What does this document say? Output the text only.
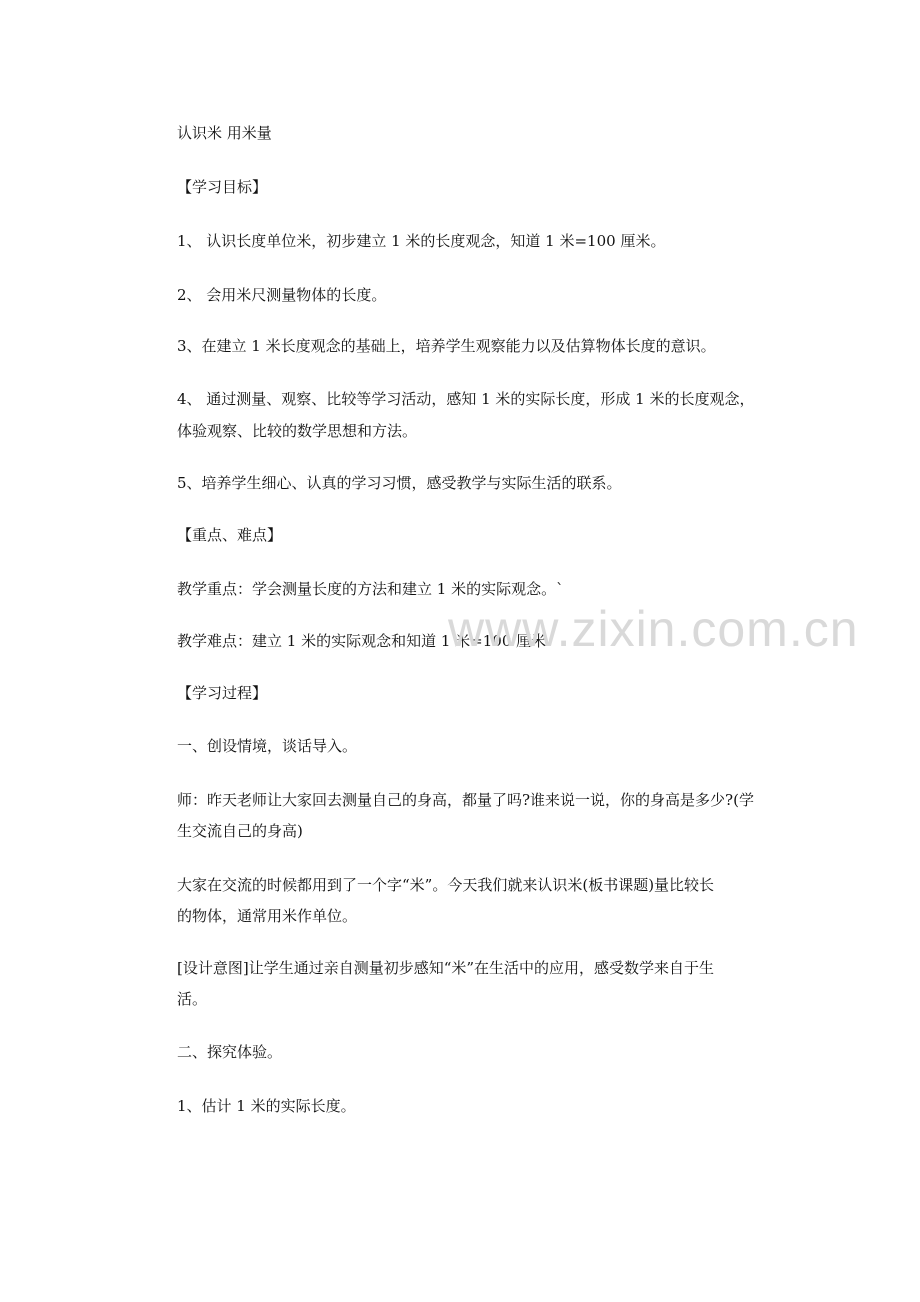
认识米 用米量
【学习目标】
1、 认识长度单位米，初步建立 1 米的长度观念，知道 1 米=100 厘米。
2、 会用米尺测量物体的长度。
3、在建立 1 米长度观念的基础上，培养学生观察能力以及估算物体长度的意识。
4、 通过测量、观察、比较等学习活动，感知 1 米的实际长度，形成 1 米的长度观念，
体验观察、比较的数学思想和方法。
5、培养学生细心、认真的学习习惯，感受教学与实际生活的联系。
【重点、难点】
教学重点：学会测量长度的方法和建立 1 米的实际观念。`
教学难点：建立 1 米的实际观念和知道 1 米=100 厘米
【学习过程】
一、创设情境，谈话导入。
师：昨天老师让大家回去测量自己的身高，都量了吗?谁来说一说，你的身高是多少?(学
生交流自己的身高)
大家在交流的时候都用到了一个字“米”。今天我们就来认识米(板书课题)量比较长
的物体，通常用米作单位。
[设计意图]让学生通过亲自测量初步感知“米”在生活中的应用，感受数学来自于生
活。
二、探究体验。
1、估计 1 米的实际长度。
www.zixin.com.cn
